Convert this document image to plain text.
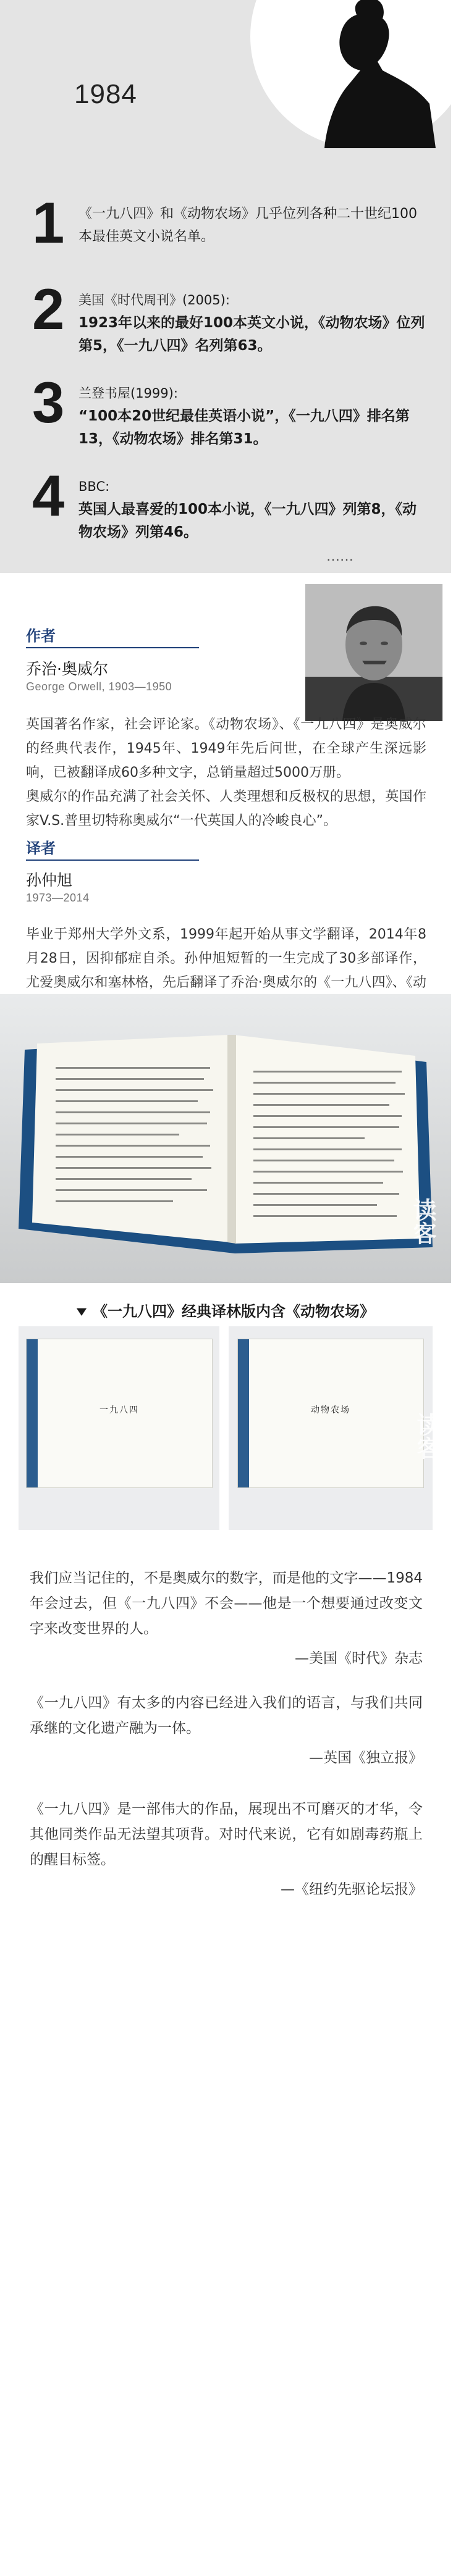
1984
1 《一九八四》和《动物农场》几乎位列各种二十世纪100本最佳英文小说名单。
2 美国《时代周刊》(2005):
1923年以来的最好100本英文小说，《动物农场》位列第5，《一九八四》名列第63。
3 兰登书屋(1999):
“100本20世纪最佳英语小说”，《一九八四》排名第13，《动物农场》排名第31。
4 BBC:
英国人最喜爱的100本小说，《一九八四》列第8，《动物农场》列第46。
……
作者
乔治·奥威尔
George Orwell, 1903—1950

英国著名作家，社会评论家。《动物农场》、《一九八四》是奥威尔的经典代表作，1945年、1949年先后问世，在全球产生深远影响，已被翻译成60多种文字，总销量超过5000万册。
奥威尔的作品充满了社会关怀、人类理想和反极权的思想，英国作家V.S.普里切特称奥威尔“一代英国人的冷峻良心”。

译者
孙仲旭
1973—2014

毕业于郑州大学外文系，1999年起开始从事文学翻译，2014年8月28日，因抑郁症自杀。孙仲旭短暂的一生完成了30多部译作，尤爱奥威尔和塞林格，先后翻译了乔治·奥威尔的《一九八四》、《动

读客
《一九八四》经典译林版内含《动物农场》
一九八四	动物农场
读客

我们应当记住的，不是奥威尔的数字，而是他的文字——1984年会过去，但《一九八四》不会——他是一个想要通过改变文字来改变世界的人。

—美国《时代》杂志

《一九八四》有太多的内容已经进入我们的语言，与我们共同承继的文化遗产融为一体。

—英国《独立报》

《一九八四》是一部伟大的作品，展现出不可磨灭的才华，令其他同类作品无法望其项背。对时代来说，它有如剧毒药瓶上的醒目标签。

—《纽约先驱论坛报》
